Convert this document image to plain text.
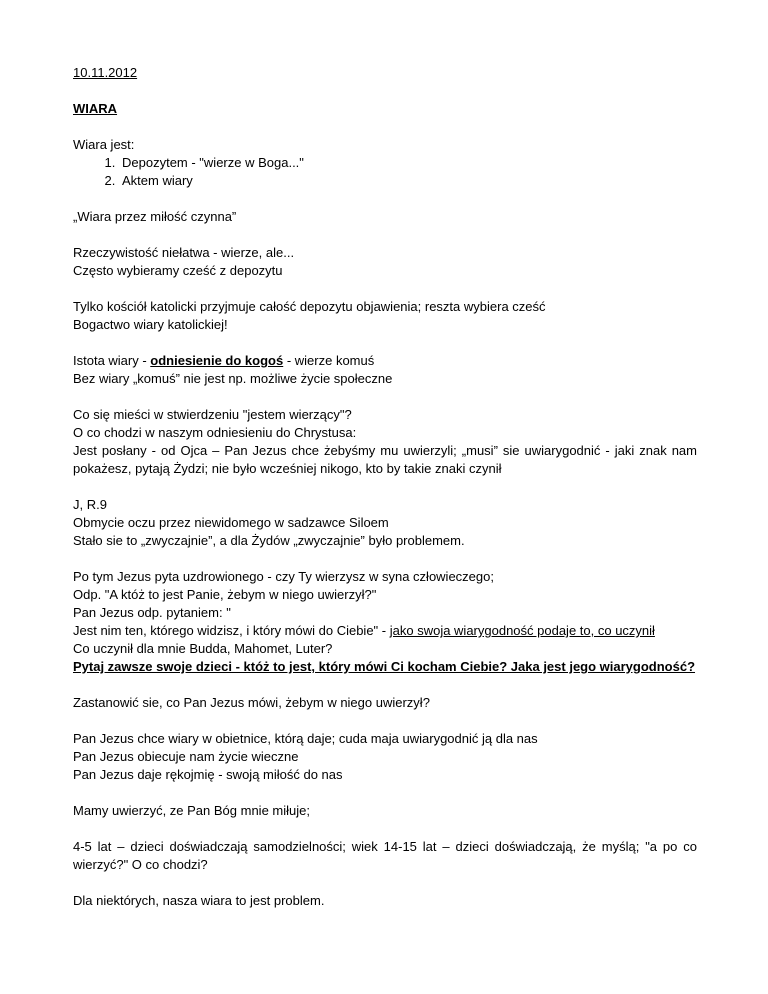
10.11.2012

WIARA

Wiara jest:

1. Depozytem - "wierze w Boga..."
2. Aktem wiary

„Wiara przez miłość czynna”

Rzeczywistość niełatwa - wierze, ale...

Często wybieramy cześć z depozytu

Tylko kościół katolicki przyjmuje całość depozytu objawienia; reszta wybiera cześć

Bogactwo wiary katolickiej!

Istota wiary - odniesienie do kogoś - wierze komuś

Bez wiary „komuś” nie jest np. możliwe życie społeczne

Co się mieści w stwierdzeniu "jestem wierzący"?

O co chodzi w naszym odniesieniu do Chrystusa:

Jest posłany - od Ojca – Pan Jezus chce żebyśmy mu uwierzyli; „musi” sie uwiarygodnić - jaki znak nam pokażesz, pytają Żydzi; nie było wcześniej nikogo, kto by takie znaki czynił

J, R.9

Obmycie oczu przez niewidomego w sadzawce Siloem

Stało sie to „zwyczajnie”, a dla Żydów „zwyczajnie” było problemem.

Po tym Jezus pyta uzdrowionego - czy Ty wierzysz w syna człowieczego;

Odp. "A któż to jest Panie, żebym w niego uwierzył?"

Pan Jezus odp. pytaniem: "

Jest nim ten, którego widzisz, i który mówi do Ciebie" - jako swoja wiarygodność podaje to, co uczynił

Co uczynił dla mnie Budda, Mahomet, Luter?

Pytaj zawsze swoje dzieci - któż to jest, który mówi Ci kocham Ciebie? Jaka jest jego wiarygodność?

Zastanowić sie, co Pan Jezus mówi, żebym w niego uwierzył?

Pan Jezus chce wiary w obietnice, którą daje; cuda maja uwiarygodnić ją dla nas

Pan Jezus obiecuje nam życie wieczne

Pan Jezus daje rękojmię - swoją miłość do nas

Mamy uwierzyć, ze Pan Bóg mnie miłuje;

4-5 lat – dzieci doświadczają samodzielności; wiek 14-15 lat – dzieci doświadczają, że myślą; "a po co wierzyć?" O co chodzi?

Dla niektórych, nasza wiara to jest problem.
